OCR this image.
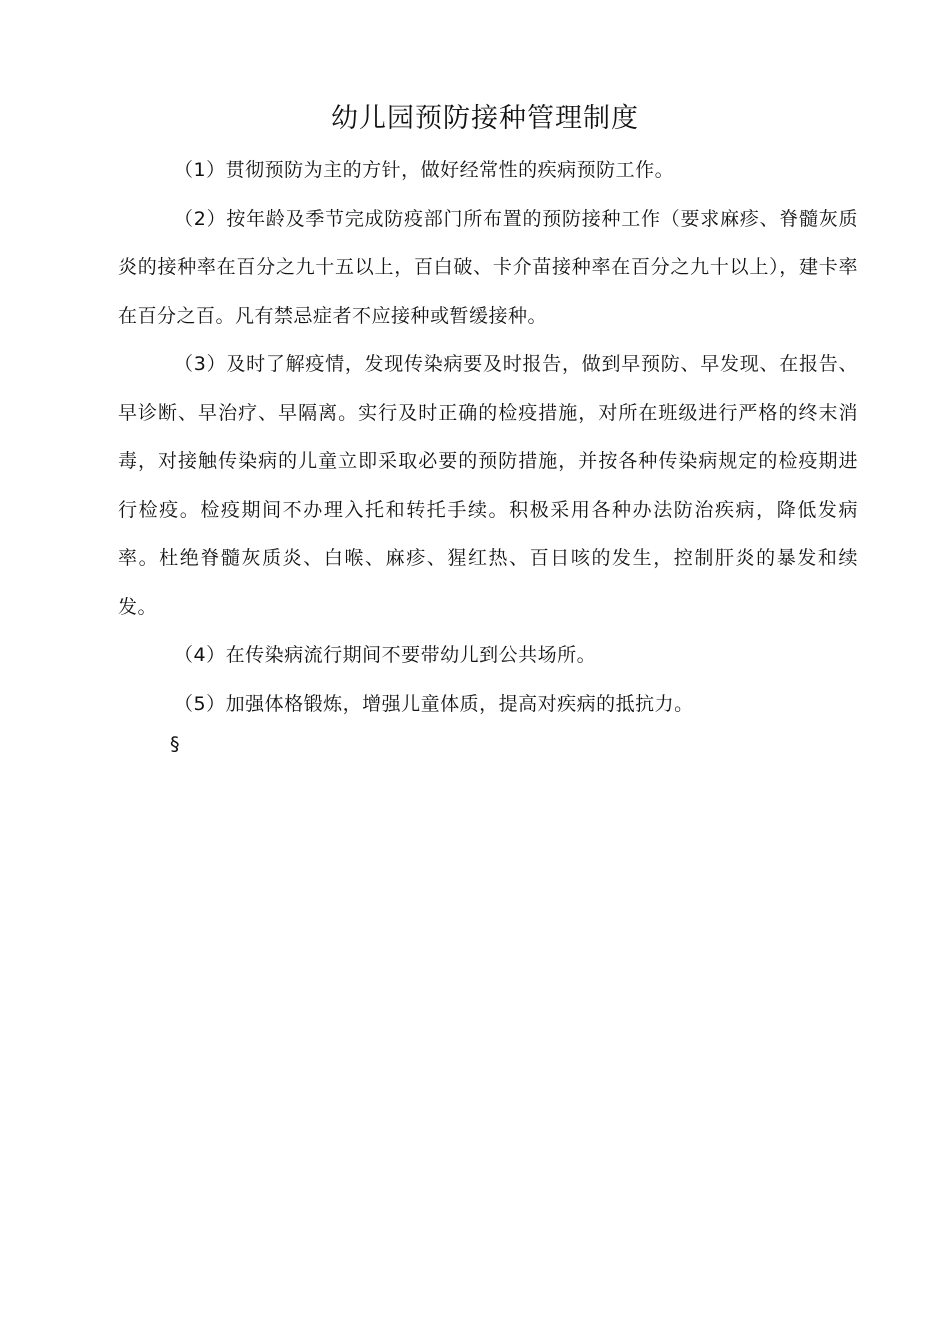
幼儿园预防接种管理制度

（1）贯彻预防为主的方针，做好经常性的疾病预防工作。

（2）按年龄及季节完成防疫部门所布置的预防接种工作（要求麻疹、脊髓灰质炎的接种率在百分之九十五以上，百白破、卡介苗接种率在百分之九十以上），建卡率在百分之百。凡有禁忌症者不应接种或暂缓接种。

（3）及时了解疫情，发现传染病要及时报告，做到早预防、早发现、在报告、早诊断、早治疗、早隔离。实行及时正确的检疫措施，对所在班级进行严格的终末消毒，对接触传染病的儿童立即采取必要的预防措施，并按各种传染病规定的检疫期进行检疫。检疫期间不办理入托和转托手续。积极采用各种办法防治疾病，降低发病率。杜绝脊髓灰质炎、白喉、麻疹、猩红热、百日咳的发生，控制肝炎的暴发和续发。

（4）在传染病流行期间不要带幼儿到公共场所。

（5）加强体格锻炼，增强儿童体质，提高对疾病的抵抗力。

§
